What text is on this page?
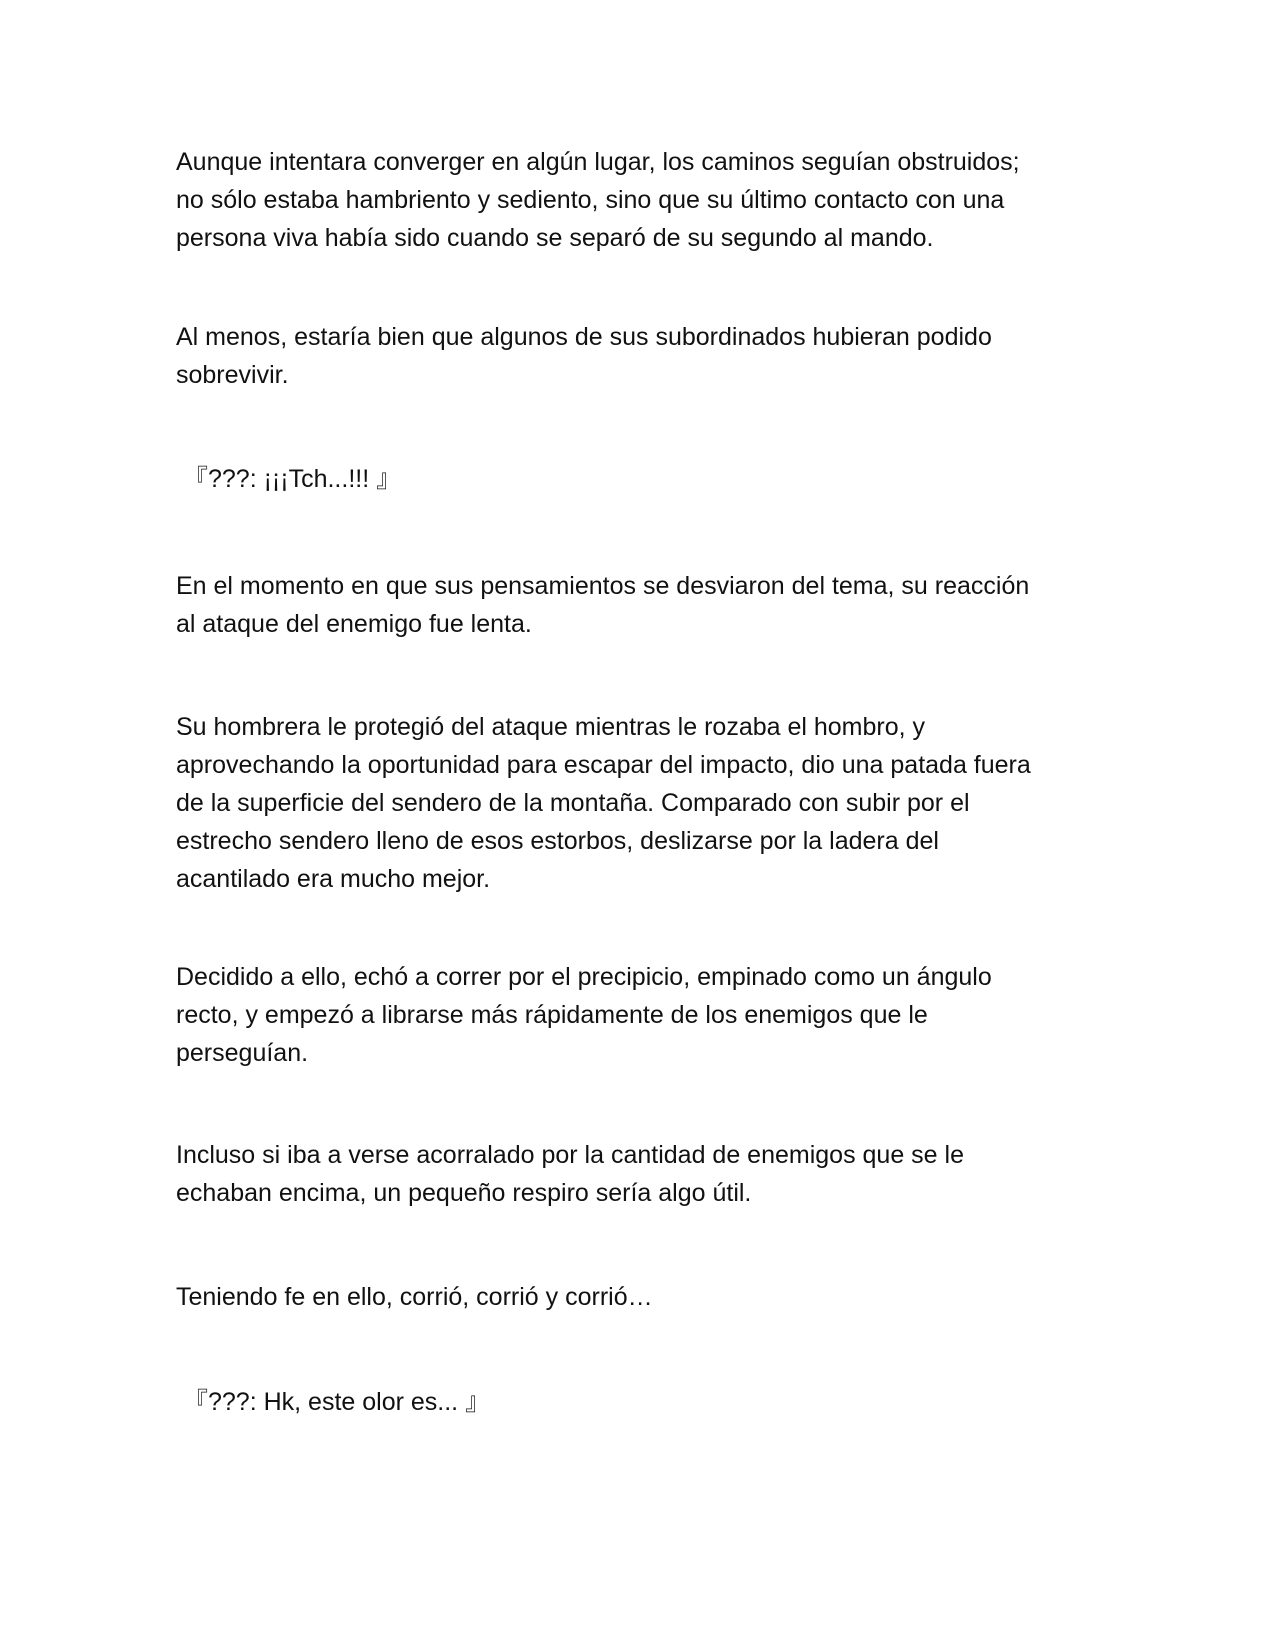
Aunque intentara converger en algún lugar, los caminos seguían obstruidos;
no sólo estaba hambriento y sediento, sino que su último contacto con una
persona viva había sido cuando se separó de su segundo al mando.

Al menos, estaría bien que algunos de sus subordinados hubieran podido
sobrevivir.

『???: ¡¡¡Tch...!!! 』

En el momento en que sus pensamientos se desviaron del tema, su reacción
al ataque del enemigo fue lenta.

Su hombrera le protegió del ataque mientras le rozaba el hombro, y
aprovechando la oportunidad para escapar del impacto, dio una patada fuera
de la superficie del sendero de la montaña. Comparado con subir por el
estrecho sendero lleno de esos estorbos, deslizarse por la ladera del
acantilado era mucho mejor.

Decidido a ello, echó a correr por el precipicio, empinado como un ángulo
recto, y empezó a librarse más rápidamente de los enemigos que le
perseguían.

Incluso si iba a verse acorralado por la cantidad de enemigos que se le
echaban encima, un pequeño respiro sería algo útil.

Teniendo fe en ello, corrió, corrió y corrió…

『???: Hk, este olor es... 』
